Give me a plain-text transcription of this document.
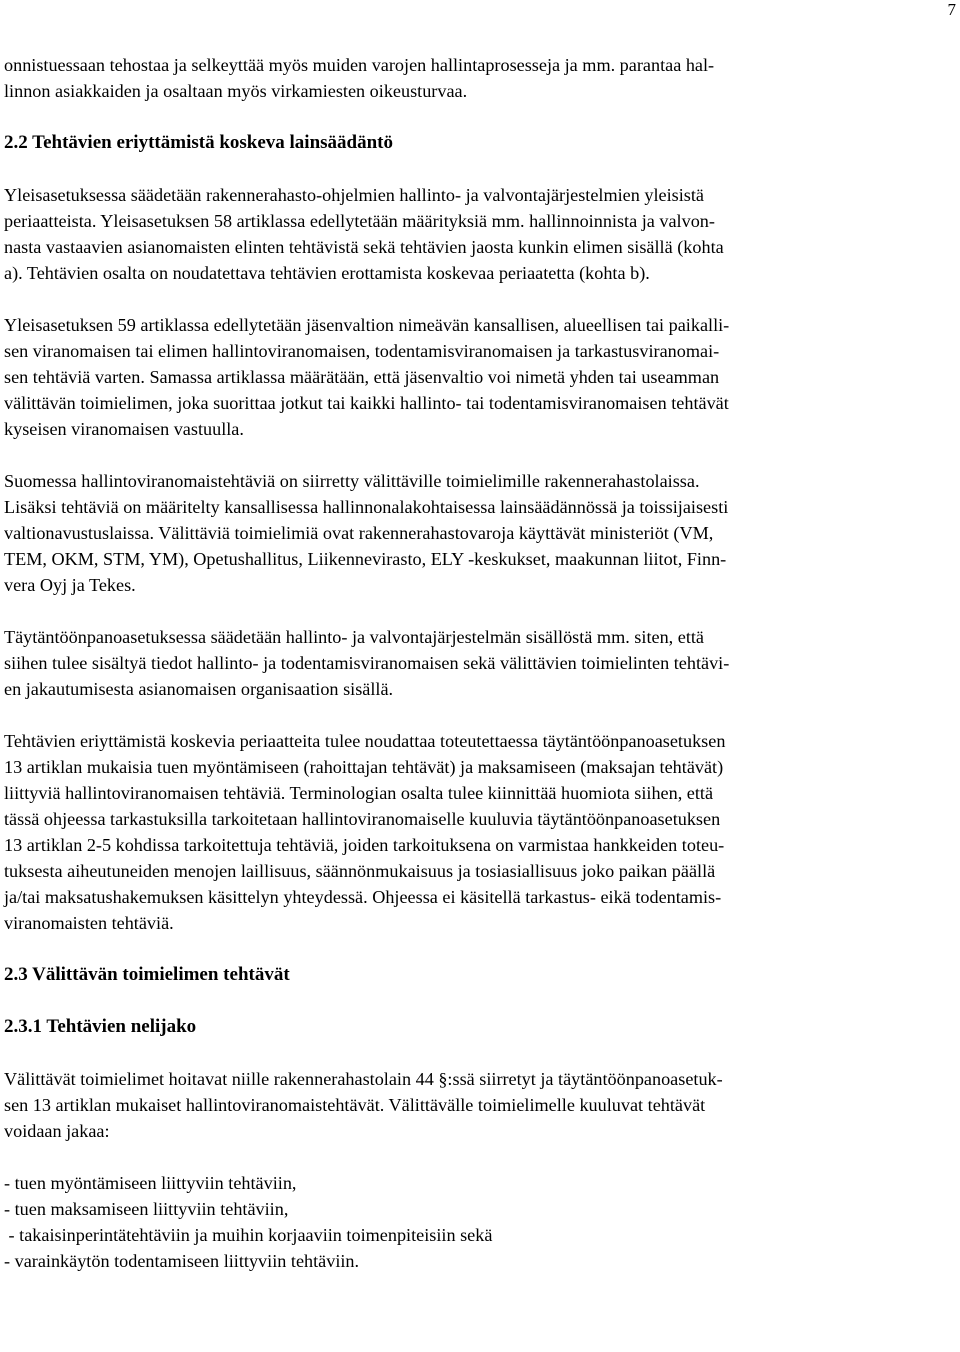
7

onnistuessaan tehostaa ja selkeyttää myös muiden varojen hallintaprosesseja ja mm. parantaa hal-
linnon asiakkaiden ja osaltaan myös virkamiesten oikeusturvaa.

2.2 Tehtävien eriyttämistä koskeva lainsäädäntö

Yleisasetuksessa säädetään rakennerahasto-ohjelmien hallinto- ja valvontajärjestelmien yleisistä
periaatteista. Yleisasetuksen 58 artiklassa edellytetään määrityksiä mm. hallinnoinnista ja valvon-
nasta vastaavien asianomaisten elinten tehtävistä sekä tehtävien jaosta kunkin elimen sisällä (kohta
a). Tehtävien osalta on noudatettava tehtävien erottamista koskevaa periaatetta (kohta b).

Yleisasetuksen 59 artiklassa edellytetään jäsenvaltion nimeävän kansallisen, alueellisen tai paikalli-
sen viranomaisen tai elimen hallintoviranomaisen, todentamisviranomaisen ja tarkastusviranomai-
sen tehtäviä varten. Samassa artiklassa määrätään, että jäsenvaltio voi nimetä yhden tai useamman
välittävän toimielimen, joka suorittaa jotkut tai kaikki hallinto- tai todentamisviranomaisen tehtävät
kyseisen viranomaisen vastuulla.

Suomessa hallintoviranomaistehtäviä on siirretty välittäville toimielimille rakennerahastolaissa.
Lisäksi tehtäviä on määritelty kansallisessa hallinnonalakohtaisessa lainsäädännössä ja toissijaisesti
valtionavustuslaissa. Välittäviä toimielimiä ovat rakennerahastovaroja käyttävät ministeriöt (VM,
TEM, OKM, STM, YM), Opetushallitus, Liikennevirasto, ELY -keskukset, maakunnan liitot, Finn-
vera Oyj ja Tekes.

Täytäntöönpanoasetuksessa säädetään hallinto- ja valvontajärjestelmän sisällöstä mm. siten, että
siihen tulee sisältyä tiedot hallinto- ja todentamisviranomaisen sekä välittävien toimielinten tehtävi-
en jakautumisesta asianomaisen organisaation sisällä.

Tehtävien eriyttämistä koskevia periaatteita tulee noudattaa toteutettaessa täytäntöönpanoasetuksen
13 artiklan mukaisia tuen myöntämiseen (rahoittajan tehtävät) ja maksamiseen (maksajan tehtävät)
liittyviä hallintoviranomaisen tehtäviä. Terminologian osalta tulee kiinnittää huomiota siihen, että
tässä ohjeessa tarkastuksilla tarkoitetaan hallintoviranomaiselle kuuluvia täytäntöönpanoasetuksen
13 artiklan 2-5 kohdissa tarkoitettuja tehtäviä, joiden tarkoituksena on varmistaa hankkeiden toteu-
tuksesta aiheutuneiden menojen laillisuus, säännönmukaisuus ja tosiasiallisuus joko paikan päällä
ja/tai maksatushakemuksen käsittelyn yhteydessä. Ohjeessa ei käsitellä tarkastus- eikä todentamis-
viranomaisten tehtäviä.

2.3 Välittävän toimielimen tehtävät
2.3.1 Tehtävien nelijako

Välittävät toimielimet hoitavat niille rakennerahastolain 44 §:ssä siirretyt ja täytäntöönpanoasetuk-
sen 13 artiklan mukaiset hallintoviranomaistehtävät. Välittävälle toimielimelle kuuluvat tehtävät
voidaan jakaa:

- tuen myöntämiseen liittyviin tehtäviin,
- tuen maksamiseen liittyviin tehtäviin,
- takaisinperintätehtäviin ja muihin korjaaviin toimenpiteisiin sekä
- varainkäytön todentamiseen liittyviin tehtäviin.
